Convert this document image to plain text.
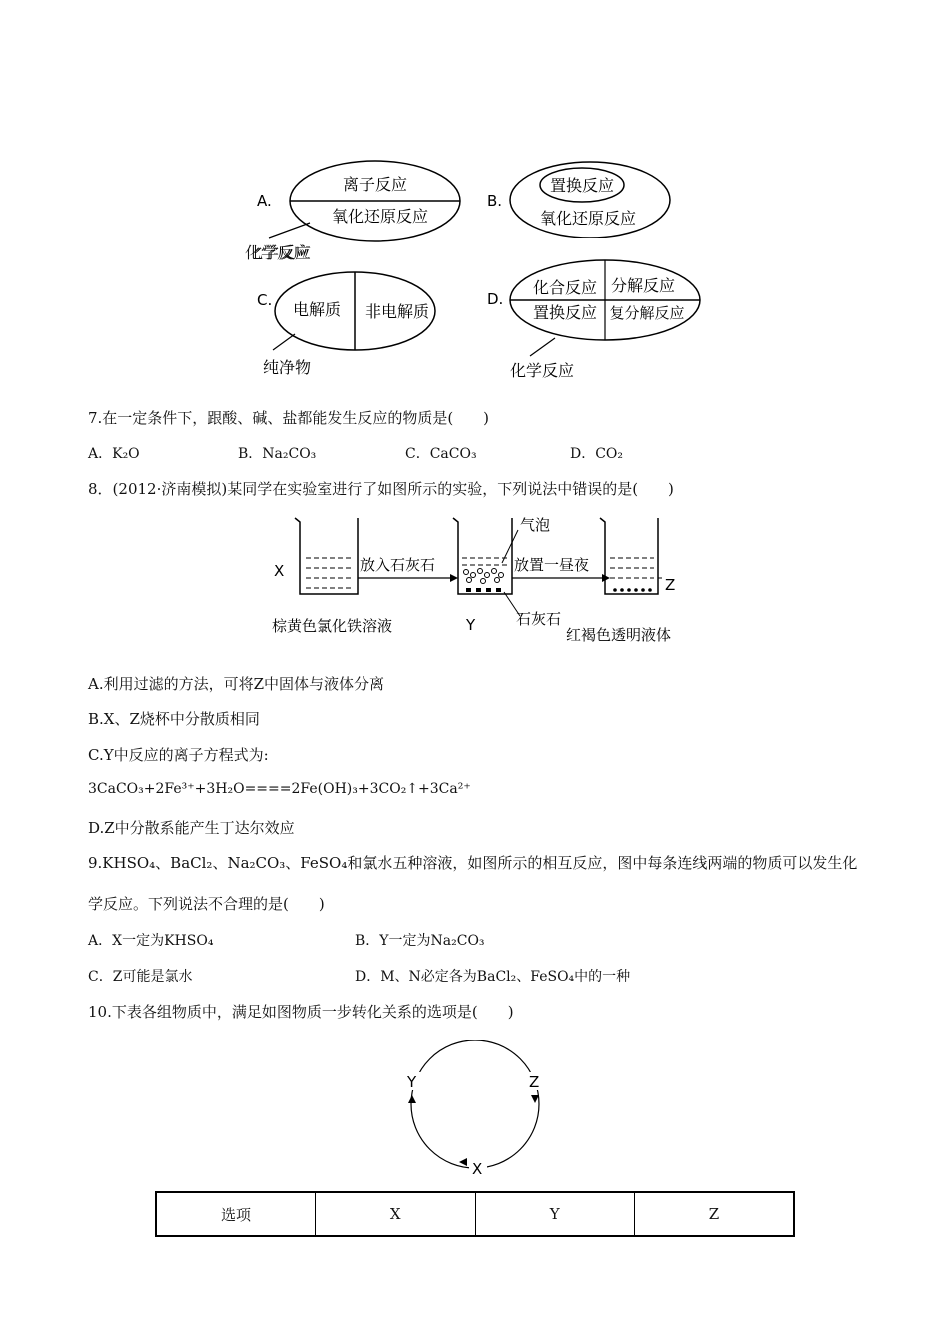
A.
离子反应
氧化还原反应
化学反应
化学反应
B.
置换反应
氧化还原反应
C. 电解质 非电解质
纯净物
D.
化合反应 分解反应
置换反应 复分解反应
化学反应
7.在一定条件下，跟酸、碱、盐都能发生反应的物质是(　　)
A．K₂O	B．Na₂CO₃	C．CaCO₃	D．CO₂
8．(2012·济南模拟)某同学在实验室进行了如图所示的实验，下列说法中错误的是(　　)
X
Y
Z
放入石灰石	放置一昼夜
气泡
石灰石
棕黄色氯化铁溶液	红褐色透明液体
A.利用过滤的方法，可将Z中固体与液体分离
B.X、Z烧杯中分散质相同
C.Y中反应的离子方程式为:
3CaCO₃+2Fe³⁺+3H₂O====2Fe(OH)₃+3CO₂↑+3Ca²⁺
D.Z中分散系能产生丁达尔效应
9.KHSO₄、BaCl₂、Na₂CO₃、FeSO₄和氯水五种溶液，如图所示的相互反应，图中每条连线两端的物质可以发生化
学反应。下列说法不合理的是(　　)
A．X一定为KHSO₄	B．Y一定为Na₂CO₃
C．Z可能是氯水	D．M、N必定各为BaCl₂、FeSO₄中的一种
10.下表各组物质中，满足如图物质一步转化关系的选项是(　　)
Y	Z
X
选项	X	Y	Z
